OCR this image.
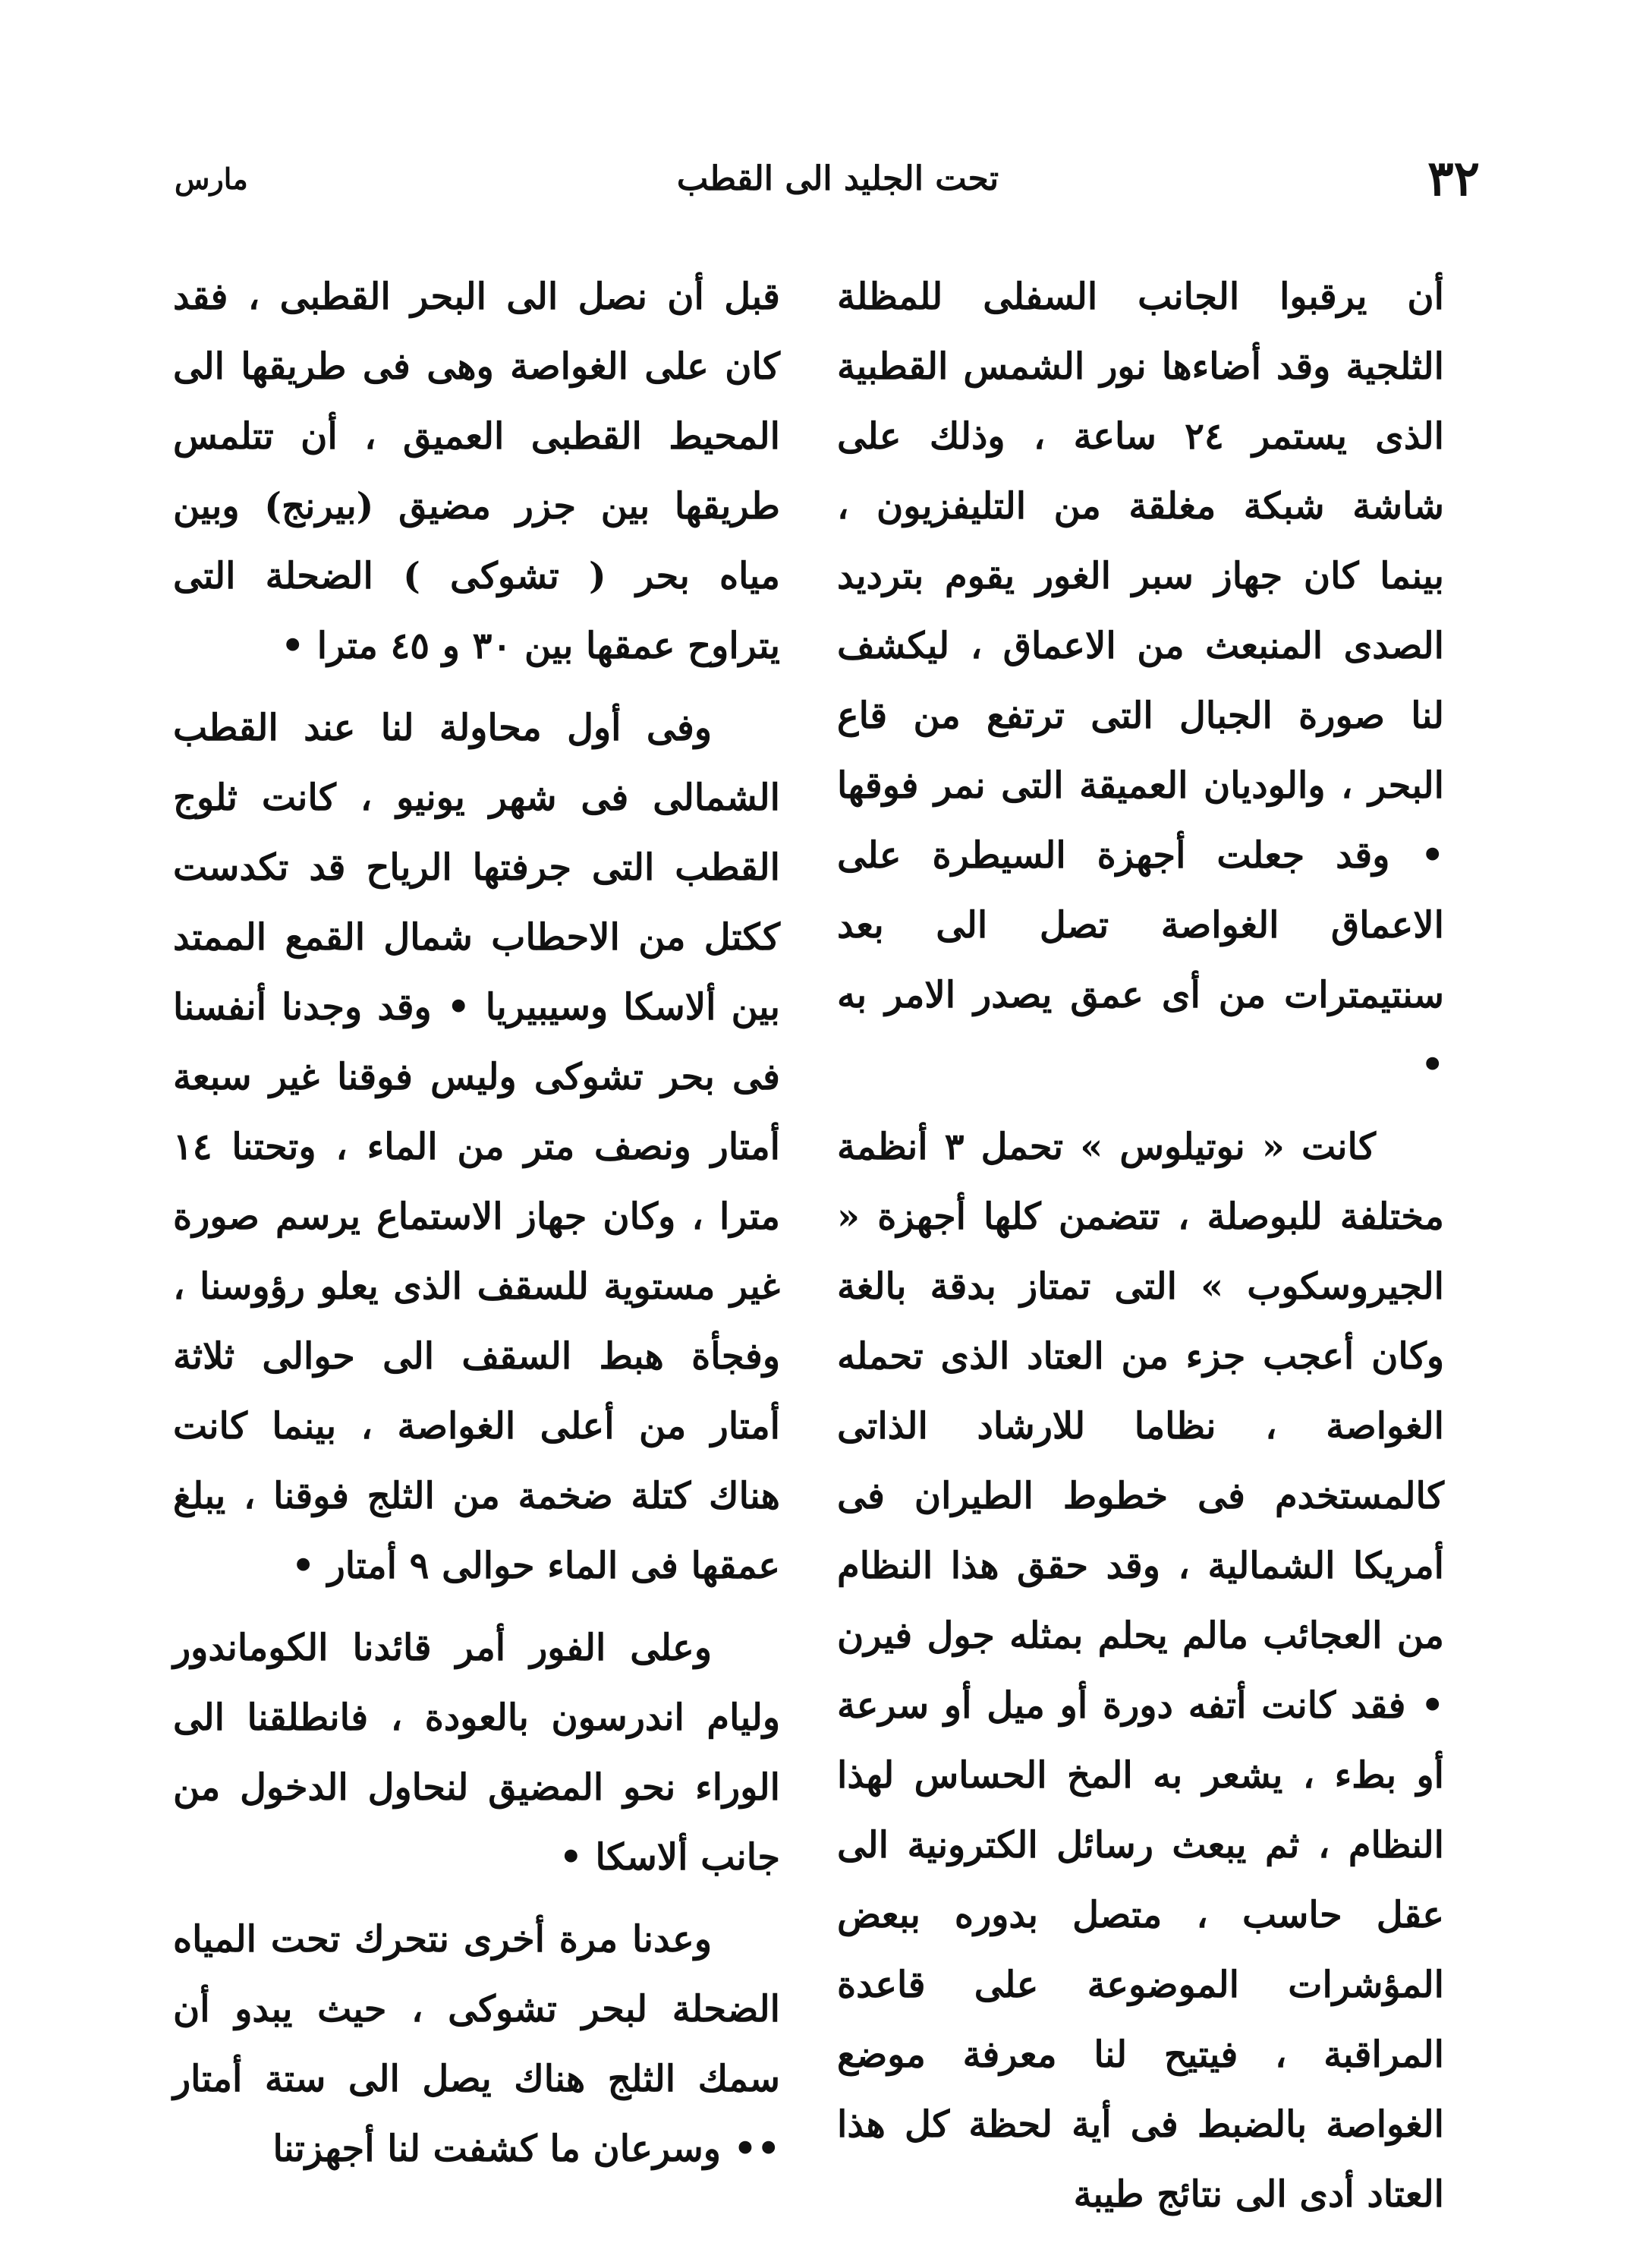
٣٢
تحت الجليد الى القطب
مارس

أن يرقبوا الجانب السفلى للمظلة الثلجية وقد أضاءها نور الشمس القطبية الذى يستمر ٢٤ ساعة ، وذلك على شاشة شبكة مغلقة من التليفزيون ، بينما كان جهاز سبر الغور يقوم بترديد الصدى المنبعث من الاعماق ، ليكشف لنا صورة الجبال التى ترتفع من قاع البحر ، والوديان العميقة التى نمر فوقها • وقد جعلت أجهزة السيطرة على الاعماق الغواصة تصل الى بعد سنتيمترات من أى عمق يصدر الامر به •

كانت « نوتيلوس » تحمل ٣ أنظمة مختلفة للبوصلة ، تتضمن كلها أجهزة « الجيروسكوب » التى تمتاز بدقة بالغة وكان أعجب جزء من العتاد الذى تحمله الغواصة ، نظاما للارشاد الذاتى كالمستخدم فى خطوط الطيران فى أمريكا الشمالية ، وقد حقق هذا النظام من العجائب مالم يحلم بمثله جول فيرن • فقد كانت أتفه دورة أو ميل أو سرعة أو بطء ، يشعر به المخ الحساس لهذا النظام ، ثم يبعث رسائل الكترونية الى عقل حاسب ، متصل بدوره ببعض المؤشرات الموضوعة على قاعدة المراقبة ، فيتيح لنا معرفة موضع الغواصة بالضبط فى أية لحظة كل هذا العتاد أدى الى نتائج طيبة

قبل أن نصل الى البحر القطبى ، فقد كان على الغواصة وهى فى طريقها الى المحيط القطبى العميق ، أن تتلمس طريقها بين جزر مضيق (بيرنج) وبين مياه بحر ( تشوكى ) الضحلة التى يتراوح عمقها بين ٣٠ و ٤٥ مترا •

وفى أول محاولة لنا عند القطب الشمالى فى شهر يونيو ، كانت ثلوج القطب التى جرفتها الرياح قد تكدست ككتل من الاحطاب شمال القمع الممتد بين ألاسكا وسيبيريا • وقد وجدنا أنفسنا فى بحر تشوكى وليس فوقنا غير سبعة أمتار ونصف متر من الماء ، وتحتنا ١٤ مترا ، وكان جهاز الاستماع يرسم صورة غير مستوية للسقف الذى يعلو رؤوسنا ، وفجأة هبط السقف الى حوالى ثلاثة أمتار من أعلى الغواصة ، بينما كانت هناك كتلة ضخمة من الثلج فوقنا ، يبلغ عمقها فى الماء حوالى ٩ أمتار •

وعلى الفور أمر قائدنا الكوماندور وليام اندرسون بالعودة ، فانطلقنا الى الوراء نحو المضيق لنحاول الدخول من جانب ألاسكا •

وعدنا مرة أخرى نتحرك تحت المياه الضحلة لبحر تشوكى ، حيث يبدو أن سمك الثلج هناك يصل الى ستة أمتار •• وسرعان ما كشفت لنا أجهزتنا
